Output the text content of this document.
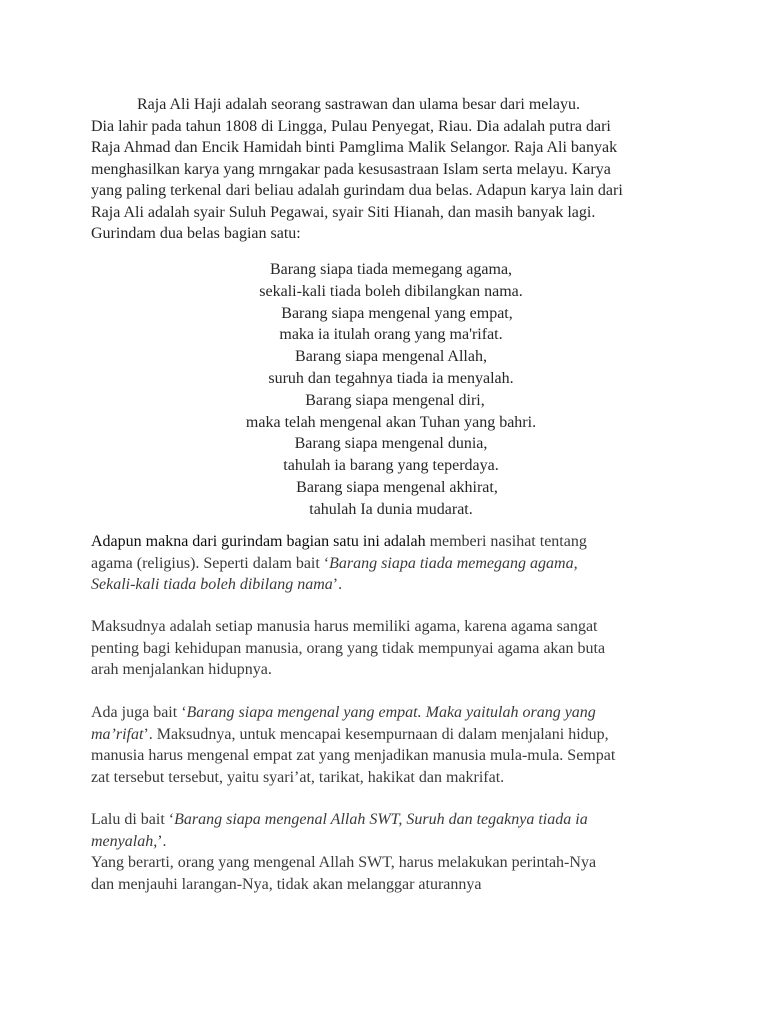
Raja Ali Haji adalah seorang sastrawan dan ulama besar dari melayu.
Dia lahir pada tahun 1808 di Lingga, Pulau Penyegat, Riau. Dia adalah putra dari
Raja Ahmad dan Encik Hamidah binti Pamglima Malik Selangor. Raja Ali banyak
menghasilkan karya yang mrngakar pada kesusastraan Islam serta melayu. Karya
yang paling terkenal dari beliau adalah gurindam dua belas. Adapun karya lain dari
Raja Ali adalah syair Suluh Pegawai, syair Siti Hianah, dan masih banyak lagi.
Gurindam dua belas bagian satu:

Barang siapa tiada memegang agama,
sekali-kali tiada boleh dibilangkan nama.
Barang siapa mengenal yang empat,
maka ia itulah orang yang ma'rifat.
Barang siapa mengenal Allah,
suruh dan tegahnya tiada ia menyalah.
Barang siapa mengenal diri,
maka telah mengenal akan Tuhan yang bahri.
Barang siapa mengenal dunia,
tahulah ia barang yang teperdaya.
Barang siapa mengenal akhirat,
tahulah Ia dunia mudarat.

Adapun makna dari gurindam bagian satu ini adalah memberi nasihat tentang
agama (religius). Seperti dalam bait ‘Barang siapa tiada memegang agama,
Sekali-kali tiada boleh dibilang nama’.

Maksudnya adalah setiap manusia harus memiliki agama, karena agama sangat
penting bagi kehidupan manusia, orang yang tidak mempunyai agama akan buta
arah menjalankan hidupnya.

Ada juga bait ‘Barang siapa mengenal yang empat. Maka yaitulah orang yang
ma’rifat’. Maksudnya, untuk mencapai kesempurnaan di dalam menjalani hidup,
manusia harus mengenal empat zat yang menjadikan manusia mula-mula. Sempat
zat tersebut tersebut, yaitu syari’at, tarikat, hakikat dan makrifat.

Lalu di bait ‘Barang siapa mengenal Allah SWT, Suruh dan tegaknya tiada ia
menyalah,’.
Yang berarti, orang yang mengenal Allah SWT, harus melakukan perintah-Nya
dan menjauhi larangan-Nya, tidak akan melanggar aturannya
